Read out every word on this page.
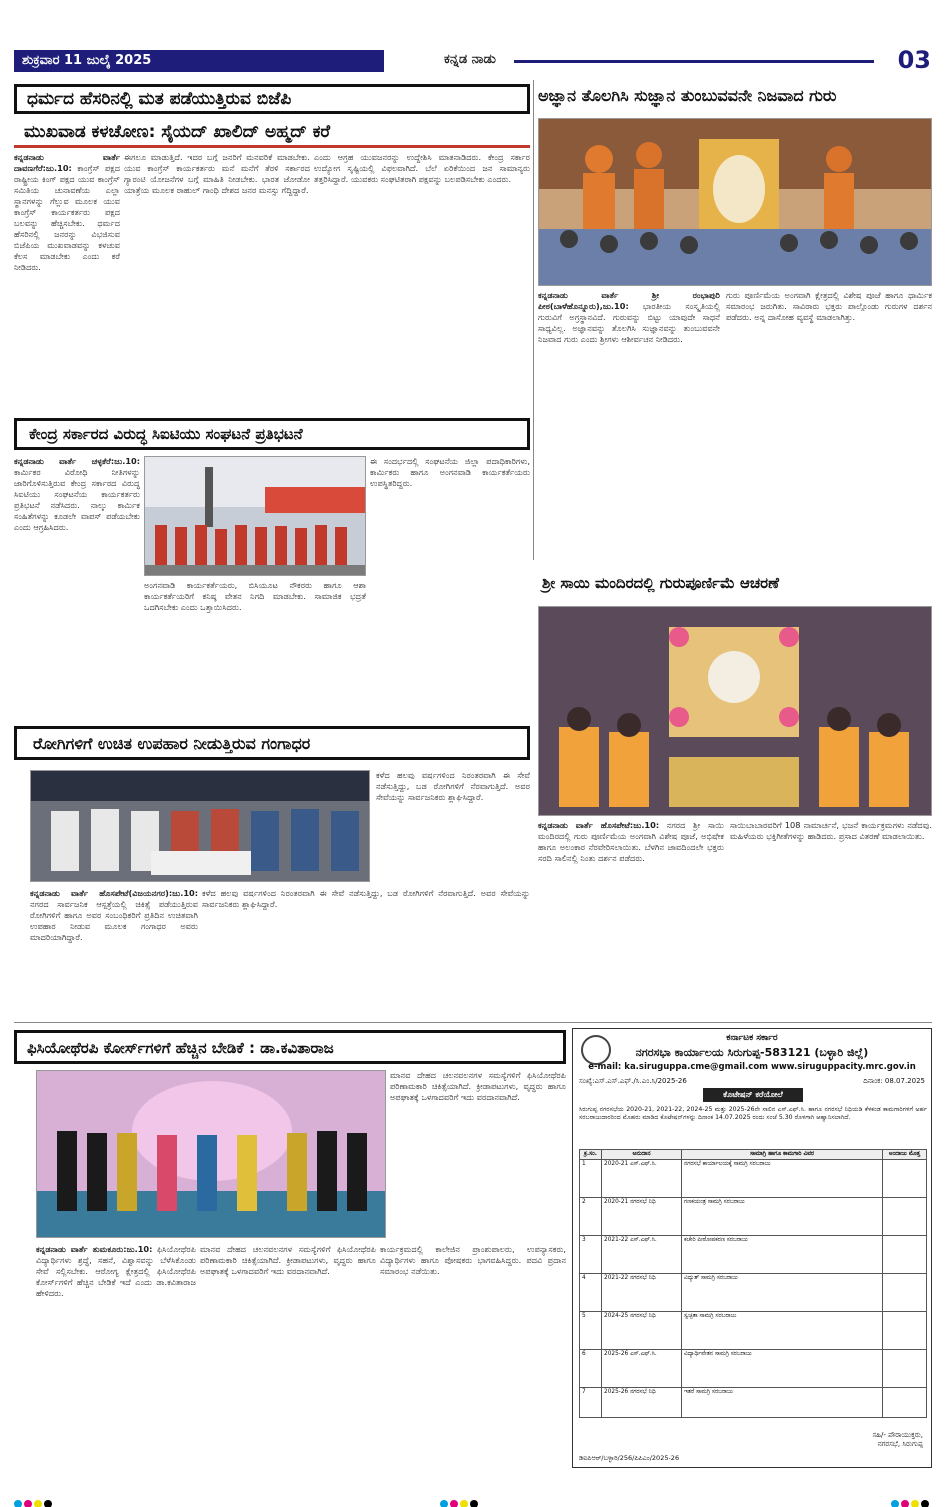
ಶುಕ್ರವಾರ 11 ಜುಲೈ 2025	ಕನ್ನಡ ನಾಡು	03
ಧರ್ಮದ ಹೆಸರಿನಲ್ಲಿ ಮತ ಪಡೆಯುತ್ತಿರುವ ಬಿಜೆಪಿ
ಮುಖವಾಡ ಕಳಚೋಣ: ಸೈಯದ್ ಖಾಲಿದ್ ಅಹ್ಮದ್ ಕರೆ
ಕನ್ನಡನಾಡು ವಾರ್ತೆ ದಾವಣಗೆರೆ:ಜು.10: ಕಾಂಗ್ರೆಸ್ ಪಕ್ಷದ ರಾಷ್ಟ್ರೀಯ ಕಿಂಗ್ ಪಕ್ಷದ ಯುವ ಕಾಂಗ್ರೆಸ್ ಸಮಿತಿಯ ಚುನಾವಣೆಯ ಎಲ್ಲಾ ಸ್ಥಾನಗಳನ್ನು ಗೆಲ್ಲುವ ಮೂಲಕ ಯುವ ಕಾಂಗ್ರೆಸ್ ಕಾರ್ಯಕರ್ತರು ಪಕ್ಷದ ಬಲವನ್ನು ಹೆಚ್ಚಿಸಬೇಕು. ಧರ್ಮದ ಹೆಸರಿನಲ್ಲಿ ಜನರನ್ನು ವಿಭಜಿಸುವ ಬಿಜೆಪಿಯ ಮುಖವಾಡವನ್ನು ಕಳಚುವ ಕೆಲಸ ಮಾಡಬೇಕು ಎಂದು ಕರೆ ನೀಡಿದರು.
ಈಗಲೂ ಮಾಡುತ್ತಿದೆ. ಇದರ ಬಗ್ಗೆ ಜನರಿಗೆ ಮನವರಿಕೆ ಮಾಡಬೇಕು. ಯುವ ಕಾಂಗ್ರೆಸ್ ಕಾರ್ಯಕರ್ತರು ಮನೆ ಮನೆಗೆ ತೆರಳಿ ಸರ್ಕಾರದ ಗ್ಯಾರಂಟಿ ಯೋಜನೆಗಳ ಬಗ್ಗೆ ಮಾಹಿತಿ ನೀಡಬೇಕು. ಭಾರತ ಜೋಡೋ ಯಾತ್ರೆಯ ಮೂಲಕ ರಾಹುಲ್ ಗಾಂಧಿ ದೇಶದ ಜನರ ಮನಸ್ಸು ಗೆದ್ದಿದ್ದಾರೆ.
ಎಂದು ಆಗ್ರಹ ಯುವಜನರನ್ನು ಉದ್ದೇಶಿಸಿ ಮಾತನಾಡಿದರು. ಕೇಂದ್ರ ಸರ್ಕಾರ ಉದ್ಯೋಗ ಸೃಷ್ಟಿಯಲ್ಲಿ ವಿಫಲವಾಗಿದೆ. ಬೆಲೆ ಏರಿಕೆಯಿಂದ ಜನ ಸಾಮಾನ್ಯರು ತತ್ತರಿಸಿದ್ದಾರೆ. ಯುವಕರು ಸಂಘಟಿತರಾಗಿ ಪಕ್ಷವನ್ನು ಬಲಪಡಿಸಬೇಕು ಎಂದರು.
ಅಜ್ಞಾನ ತೊಲಗಿಸಿ ಸುಜ್ಞಾನ ತುಂಬುವವನೇ ನಿಜವಾದ ಗುರು
ಕನ್ನಡನಾಡು ವಾರ್ತೆ ಶ್ರೀ ರಂಭಾಪುರಿ ಪೀಠ(ಬಾಳೆಹೊನ್ನೂರು),ಜು.10: ಭಾರತೀಯ ಸಂಸ್ಕೃತಿಯಲ್ಲಿ ಗುರುವಿಗೆ ಅಗ್ರಸ್ಥಾನವಿದೆ. ಗುರುವನ್ನು ಬಿಟ್ಟು ಯಾವುದೇ ಸಾಧನೆ ಸಾಧ್ಯವಿಲ್ಲ. ಅಜ್ಞಾನವನ್ನು ತೊಲಗಿಸಿ ಸುಜ್ಞಾನವನ್ನು ತುಂಬುವವನೇ ನಿಜವಾದ ಗುರು ಎಂದು ಶ್ರೀಗಳು ಆಶೀರ್ವಚನ ನೀಡಿದರು.
ಗುರು ಪೂರ್ಣಿಮೆಯ ಅಂಗವಾಗಿ ಕ್ಷೇತ್ರದಲ್ಲಿ ವಿಶೇಷ ಪೂಜೆ ಹಾಗೂ ಧಾರ್ಮಿಕ ಸಮಾರಂಭ ಜರುಗಿತು. ಸಾವಿರಾರು ಭಕ್ತರು ಪಾಲ್ಗೊಂಡು ಗುರುಗಳ ದರ್ಶನ ಪಡೆದರು. ಅನ್ನ ದಾಸೋಹ ವ್ಯವಸ್ಥೆ ಮಾಡಲಾಗಿತ್ತು.
ಕೇಂದ್ರ ಸರ್ಕಾರದ ವಿರುದ್ಧ ಸಿಐಟಿಯು ಸಂಘಟನೆ ಪ್ರತಿಭಟನೆ
ಕನ್ನಡನಾಡು ವಾರ್ತೆ ಚಳ್ಳಕೆರೆ:ಜು.10: ಕಾರ್ಮಿಕರ ವಿರೋಧಿ ನೀತಿಗಳನ್ನು ಜಾರಿಗೊಳಿಸುತ್ತಿರುವ ಕೇಂದ್ರ ಸರ್ಕಾರದ ವಿರುದ್ಧ ಸಿಐಟಿಯು ಸಂಘಟನೆಯ ಕಾರ್ಯಕರ್ತರು ಪ್ರತಿಭಟನೆ ನಡೆಸಿದರು. ನಾಲ್ಕು ಕಾರ್ಮಿಕ ಸಂಹಿತೆಗಳನ್ನು ಕೂಡಲೇ ವಾಪಸ್ ಪಡೆಯಬೇಕು ಎಂದು ಆಗ್ರಹಿಸಿದರು.
ಅಂಗನವಾಡಿ ಕಾರ್ಯಕರ್ತೆಯರು, ಬಿಸಿಯೂಟ ನೌಕರರು ಹಾಗೂ ಆಶಾ ಕಾರ್ಯಕರ್ತೆಯರಿಗೆ ಕನಿಷ್ಠ ವೇತನ ನಿಗದಿ ಮಾಡಬೇಕು. ಸಾಮಾಜಿಕ ಭದ್ರತೆ ಒದಗಿಸಬೇಕು ಎಂದು ಒತ್ತಾಯಿಸಿದರು.
ಈ ಸಂದರ್ಭದಲ್ಲಿ ಸಂಘಟನೆಯ ಜಿಲ್ಲಾ ಪದಾಧಿಕಾರಿಗಳು, ಕಾರ್ಮಿಕರು ಹಾಗೂ ಅಂಗನವಾಡಿ ಕಾರ್ಯಕರ್ತೆಯರು ಉಪಸ್ಥಿತರಿದ್ದರು.
ಶ್ರೀ ಸಾಯಿ ಮಂದಿರದಲ್ಲಿ ಗುರುಪೂರ್ಣಿಮೆ ಆಚರಣೆ
ಕನ್ನಡನಾಡು ವಾರ್ತೆ ಹೊಸಪೇಟೆ:ಜು.10: ನಗರದ ಶ್ರೀ ಸಾಯಿ ಮಂದಿರದಲ್ಲಿ ಗುರು ಪೂರ್ಣಿಮೆಯ ಅಂಗವಾಗಿ ವಿಶೇಷ ಪೂಜೆ, ಅಭಿಷೇಕ ಹಾಗೂ ಅಲಂಕಾರ ನೆರವೇರಿಸಲಾಯಿತು. ಬೆಳಗಿನ ಜಾವದಿಂದಲೇ ಭಕ್ತರು ಸರದಿ ಸಾಲಿನಲ್ಲಿ ನಿಂತು ದರ್ಶನ ಪಡೆದರು.
ಸಾಯಿಬಾಬಾರವರಿಗೆ 108 ನಾಮಾರ್ಚನೆ, ಭಜನೆ ಕಾರ್ಯಕ್ರಮಗಳು ನಡೆದವು. ಮಹಿಳೆಯರು ಭಕ್ತಿಗೀತೆಗಳನ್ನು ಹಾಡಿದರು. ಪ್ರಸಾದ ವಿತರಣೆ ಮಾಡಲಾಯಿತು.
ರೋಗಿಗಳಿಗೆ ಉಚಿತ ಉಪಹಾರ ನೀಡುತ್ತಿರುವ ಗಂಗಾಧರ
ಕಳೆದ ಹಲವು ವರ್ಷಗಳಿಂದ ನಿರಂತರವಾಗಿ ಈ ಸೇವೆ ನಡೆಸುತ್ತಿದ್ದು, ಬಡ ರೋಗಿಗಳಿಗೆ ನೆರವಾಗುತ್ತಿದೆ. ಅವರ ಸೇವೆಯನ್ನು ಸಾರ್ವಜನಿಕರು ಶ್ಲಾಘಿಸಿದ್ದಾರೆ.
ಕನ್ನಡನಾಡು ವಾರ್ತೆ ಹೊಸಪೇಟೆ(ವಿಜಯನಗರ):ಜು.10: ನಗರದ ಸಾರ್ವಜನಿಕ ಆಸ್ಪತ್ರೆಯಲ್ಲಿ ಚಿಕಿತ್ಸೆ ಪಡೆಯುತ್ತಿರುವ ರೋಗಿಗಳಿಗೆ ಹಾಗೂ ಅವರ ಸಂಬಂಧಿಕರಿಗೆ ಪ್ರತಿದಿನ ಉಚಿತವಾಗಿ ಉಪಹಾರ ನೀಡುವ ಮೂಲಕ ಗಂಗಾಧರ ಅವರು ಮಾದರಿಯಾಗಿದ್ದಾರೆ.
ಕಳೆದ ಹಲವು ವರ್ಷಗಳಿಂದ ನಿರಂತರವಾಗಿ ಈ ಸೇವೆ ನಡೆಸುತ್ತಿದ್ದು, ಬಡ ರೋಗಿಗಳಿಗೆ ನೆರವಾಗುತ್ತಿದೆ. ಅವರ ಸೇವೆಯನ್ನು ಸಾರ್ವಜನಿಕರು ಶ್ಲಾಘಿಸಿದ್ದಾರೆ.
ಫಿಸಿಯೋಥೆರಪಿ ಕೋರ್ಸ್‌ಗಳಿಗೆ ಹೆಚ್ಚಿನ ಬೇಡಿಕೆ : ಡಾ.ಕವಿತಾರಾಜ
ಮಾನವ ದೇಹದ ಚಲನವಲನಗಳ ಸಮಸ್ಯೆಗಳಿಗೆ ಫಿಸಿಯೋಥೆರಪಿ ಪರಿಣಾಮಕಾರಿ ಚಿಕಿತ್ಸೆಯಾಗಿದೆ. ಕ್ರೀಡಾಪಟುಗಳು, ವೃದ್ಧರು ಹಾಗೂ ಅಪಘಾತಕ್ಕೆ ಒಳಗಾದವರಿಗೆ ಇದು ವರದಾನವಾಗಿದೆ.
ಕನ್ನಡನಾಡು ವಾರ್ತೆ ತುಮಕೂರು:ಜು.10: ಫಿಸಿಯೋಥೆರಪಿ ವಿದ್ಯಾರ್ಥಿಗಳು ಶ್ರದ್ಧೆ, ಸಹನೆ, ವಿಶ್ವಾಸವನ್ನು ಬೆಳೆಸಿಕೊಂಡು ಸೇವೆ ಸಲ್ಲಿಸಬೇಕು. ಆರೋಗ್ಯ ಕ್ಷೇತ್ರದಲ್ಲಿ ಫಿಸಿಯೋಥೆರಪಿ ಕೋರ್ಸ್‌ಗಳಿಗೆ ಹೆಚ್ಚಿನ ಬೇಡಿಕೆ ಇದೆ ಎಂದು ಡಾ.ಕವಿತಾರಾಜ ಹೇಳಿದರು.
ಮಾನವ ದೇಹದ ಚಲನವಲನಗಳ ಸಮಸ್ಯೆಗಳಿಗೆ ಫಿಸಿಯೋಥೆರಪಿ ಪರಿಣಾಮಕಾರಿ ಚಿಕಿತ್ಸೆಯಾಗಿದೆ. ಕ್ರೀಡಾಪಟುಗಳು, ವೃದ್ಧರು ಹಾಗೂ ಅಪಘಾತಕ್ಕೆ ಒಳಗಾದವರಿಗೆ ಇದು ವರದಾನವಾಗಿದೆ.
ಕಾರ್ಯಕ್ರಮದಲ್ಲಿ ಕಾಲೇಜಿನ ಪ್ರಾಂಶುಪಾಲರು, ಉಪನ್ಯಾಸಕರು, ವಿದ್ಯಾರ್ಥಿಗಳು ಹಾಗೂ ಪೋಷಕರು ಭಾಗವಹಿಸಿದ್ದರು. ಪದವಿ ಪ್ರದಾನ ಸಮಾರಂಭ ನಡೆಯಿತು.
ಕರ್ನಾಟಕ ಸರ್ಕಾರ
ನಗರಸಭಾ ಕಾರ್ಯಾಲಯ ಸಿರುಗುಪ್ಪ-583121 (ಬಳ್ಳಾರಿ ಜಿಲ್ಲೆ)
e-mail: ka.siruguppa.cme@gmail.com www.siruguppacity.mrc.gov.in
ಸಂಖ್ಯೆ:ಎಸ್.ಎಸ್.ಎಫ್./ಸಿ.ಎಂ.ಸಿ/2025-26	ದಿನಾಂಕ: 08.07.2025
ಕೊಟೇಷನ್ ಕರೆಯೋಲೆ
ಸಿರುಗುಪ್ಪ ನಗರಸಭೆಯ 2020-21, 2021-22, 2024-25 ಮತ್ತು 2025-26ನೇ ಸಾಲಿನ ಎಸ್.ಎಫ್.ಸಿ. ಹಾಗೂ ನಗರಸಭೆ ನಿಧಿಯಡಿ ಕೆಳಕಂಡ ಕಾಮಗಾರಿಗಳಿಗೆ ಅರ್ಹ ಸರಬರಾಜುದಾರರಿಂದ ಮೊಹರು ಮಾಡಿದ ಕೊಟೇಷನ್‌ಗಳನ್ನು ದಿನಾಂಕ 14.07.2025 ರಂದು ಸಂಜೆ 5.30 ರೊಳಗಾಗಿ ಆಹ್ವಾನಿಸಲಾಗಿದೆ.
ಕ್ರ.ಸಂ.	ಅನುದಾನ	ಸಾಮಾಗ್ರಿ ಹಾಗೂ ಕಾಮಗಾರಿ ವಿವರ	ಅಂದಾಜು ಮೊತ್ತ
1	2020-21 ಎಸ್.ಎಫ್.ಸಿ.	ನಗರಸಭೆ ಕಾರ್ಯಾಲಯಕ್ಕೆ ಸಾಮಗ್ರಿ ಸರಬರಾಜು	
2	2020-21 ನಗರಸಭೆ ನಿಧಿ	ಗಣಕಯಂತ್ರ ಸಾಮಗ್ರಿ ಸರಬರಾಜು	
3	2021-22 ಎಸ್.ಎಫ್.ಸಿ.	ಕಚೇರಿ ಪೀಠೋಪಕರಣ ಸರಬರಾಜು	
4	2021-22 ನಗರಸಭೆ ನಿಧಿ	ವಿದ್ಯುತ್ ಸಾಮಗ್ರಿ ಸರಬರಾಜು	
5	2024-25 ನಗರಸಭೆ ನಿಧಿ	ಸ್ವಚ್ಛತಾ ಸಾಮಗ್ರಿ ಸರಬರಾಜು	
6	2025-26 ಎಸ್.ಎಫ್.ಸಿ.	ವಿದ್ಯಾರ್ಥಿವೇತನ ಸಾಮಗ್ರಿ ಸರಬರಾಜು	
7	2025-26 ನಗರಸಭೆ ನಿಧಿ	ಇತರೆ ಸಾಮಗ್ರಿ ಸರಬರಾಜು	
ಸಹಿ/- ಪೌರಾಯುಕ್ತರು,
ನಗರಸಭೆ, ಸಿರುಗುಪ್ಪ
ಡಿಐಪಿಆರ್/ಬಳ್ಳಾರಿ/256/ಪಿಪಿಎಂ/2025-26
